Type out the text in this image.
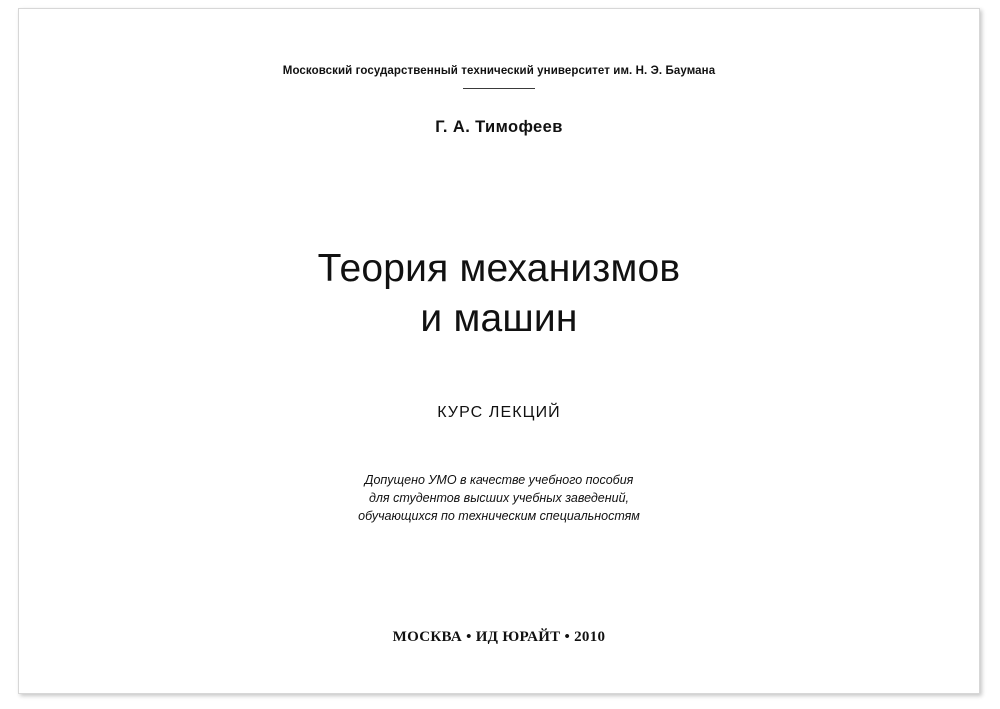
Московский государственный технический университет им. Н. Э. Баумана
Г. А. Тимофеев
Теория механизмов
и машин
КУРС ЛЕКЦИЙ
Допущено УМО в качестве учебного пособия
для студентов высших учебных заведений,
обучающихся по техническим специальностям
МОСКВА • ИД ЮРАЙТ • 2010
